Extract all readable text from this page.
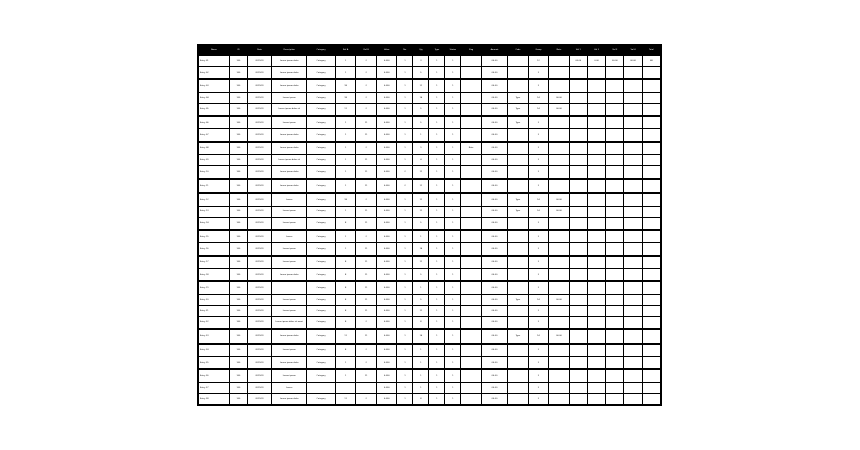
Name	ID	Date	Description	Category	Ref A	Ref B	Value	No.	Qty	Type	Status	Flag	Amount	Code	Group	Note	Val 1	Val 2	Val 3	Val 4	Total
Entry 01	100	2019/01	Lorem ipsum dolor	Category	1	2	0.000	1	3	1	1		00.00		12		00.00	0.00	00.00	00.00	48
Entry 02	100	2019/01	Lorem ipsum dolor	Category	1	2	0.000	1	5	1	1		00.00		2						
Entry 03	100	2019/01	Lorem ipsum dolor	Category	18	2	0.000	1	11	1	1		00.00		2						
Entry 04	100	2019/01	Lorem ipsum	Category	18	2	0.000	1	14	1	1		00.00	Type	14	00.00					
Entry 05	100	2019/01	Lorem ipsum dolor sit	Category	11	2	0.000	1	5	1	1		00.00	Type	14	00.00					
Entry 06	100	2019/01	Lorem ipsum	Category	1	11	0.000	1	5	1	1		00.00	Type	2						
Entry 07	100	2019/01	Lorem ipsum dolor	Category	1	11	0.000	1	1	1	1		00.00		2						
Entry 08	100	2019/01	Lorem ipsum dolor	Category	1	2	0.000	1	9	1	1	Note	00.00		2						
Entry 09	100	2019/01	Lorem ipsum dolor sit	Category	1	11	0.000	1	4	1	1		00.00		2						
Entry 10	100	2019/01	Lorem ipsum dolor	Category	1	11	0.000	2	11	1	1		00.00		2						
Entry 11	100	2019/01	Lorem ipsum dolor	Category	1	11	0.000	2	11	1	1		00.00		2						
Entry 12	100	2019/01	Lorem	Category	18	2	0.000	1	11	1	1		00.00	Type	14	00.00					
Entry 13	100	2019/01	Lorem ipsum	Category	1	11	0.000	1	11	1	1		00.00	Type	14	00.00					
Entry 14	100	2019/01	Lorem ipsum	Category	8	11	0.000	1	5	1	1		00.00		2						
Entry 15	100	2019/01	Lorem	Category	1	2	0.000	1	1	1	1		00.00		2						
Entry 16	100	2019/01	Lorem ipsum	Category	1	11	0.000	1	14	1	1		00.00		2						
Entry 17	100	2019/01	Lorem ipsum	Category	8	11	0.000	1	11	1	1		00.00		2						
Entry 18	100	2019/01	Lorem ipsum dolor	Category	8	11	0.000	1	5	1	1		00.00		2						
Entry 19	100	2019/01		Category	8	11	0.000	1	1	1	1		00.00		2						
Entry 20	100	2019/01	Lorem ipsum	Category	8	11	0.000	1	5	1	1		00.00	Type	14	00.00					
Entry 21	100	2019/01	Lorem ipsum	Category	8	11	0.000	1	11	1	1		00.00		2						
Entry 22	100	2019/01	Lorem ipsum dolor sit amet	Category	8	2	0.000	1	8	1	1		00.00		2						
Entry 23	100	2019/01	Lorem ipsum dolor	Category	11	11	0.000	1	14	1	1		00.00	Type	14	00.00					
Entry 24	100	2019/01	Lorem ipsum	Category	8	2	0.000	1	1	1	1		00.00		2						
Entry 25	100	2019/01	Lorem ipsum dolor	Category	1	2	0.000	1	1	1	1		00.00		2						
Entry 26	100	2019/01	Lorem ipsum	Category	1	11	0.000	1	1	1	1		00.00		2						
Entry 27	100	2019/01	Lorem				0.000	1	1	1	1		00.00		2						
Entry 28	100	2019/01	Lorem ipsum dolor	Category	11	2	0.000	1	8	1	1		00.00		2						
